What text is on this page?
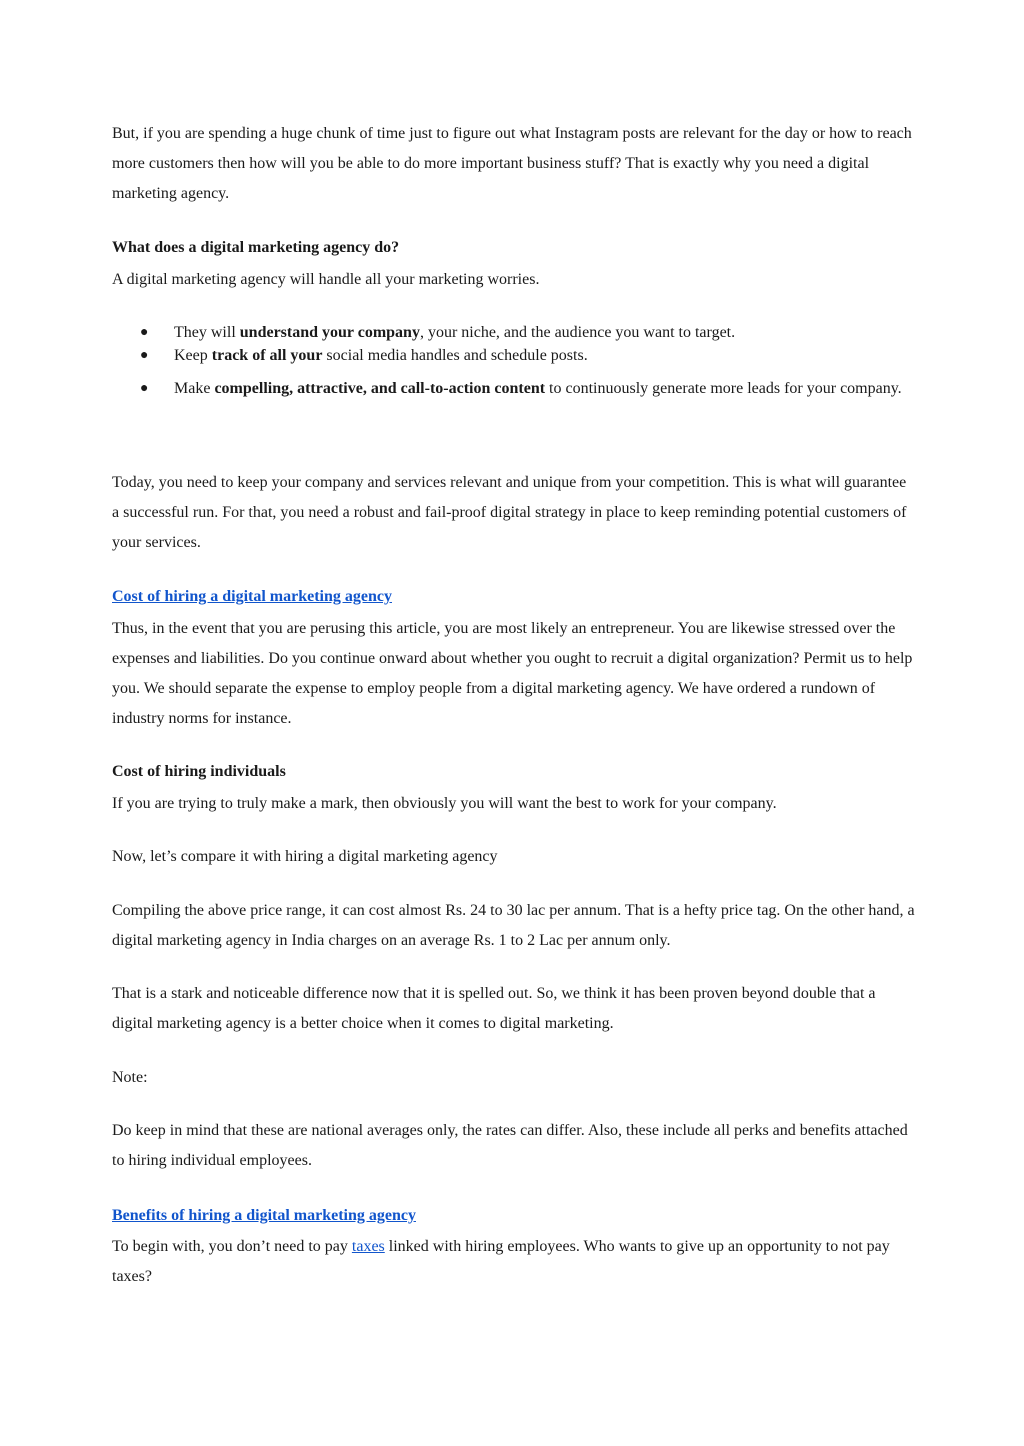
But, if you are spending a huge chunk of time just to figure out what Instagram posts are relevant for the day or how to reach more customers then how will you be able to do more important business stuff? That is exactly why you need a digital marketing agency.

What does a digital marketing agency do?

A digital marketing agency will handle all your marketing worries.

● They will understand your company, your niche, and the audience you want to target.
● Keep track of all your social media handles and schedule posts.
● Make compelling, attractive, and call-to-action content to continuously generate more leads for your company.

Today, you need to keep your company and services relevant and unique from your competition. This is what will guarantee a successful run. For that, you need a robust and fail-proof digital strategy in place to keep reminding potential customers of your services.

Cost of hiring a digital marketing agency

Thus, in the event that you are perusing this article, you are most likely an entrepreneur. You are likewise stressed over the expenses and liabilities. Do you continue onward about whether you ought to recruit a digital organization? Permit us to help you. We should separate the expense to employ people from a digital marketing agency. We have ordered a rundown of industry norms for instance.

Cost of hiring individuals

If you are trying to truly make a mark, then obviously you will want the best to work for your company.

Now, let’s compare it with hiring a digital marketing agency

Compiling the above price range, it can cost almost Rs. 24 to 30 lac per annum. That is a hefty price tag. On the other hand, a digital marketing agency in India charges on an average Rs. 1 to 2 Lac per annum only.

That is a stark and noticeable difference now that it is spelled out. So, we think it has been proven beyond double that a digital marketing agency is a better choice when it comes to digital marketing.

Note:

Do keep in mind that these are national averages only, the rates can differ. Also, these include all perks and benefits attached to hiring individual employees.

Benefits of hiring a digital marketing agency

To begin with, you don’t need to pay taxes linked with hiring employees. Who wants to give up an opportunity to not pay taxes?
